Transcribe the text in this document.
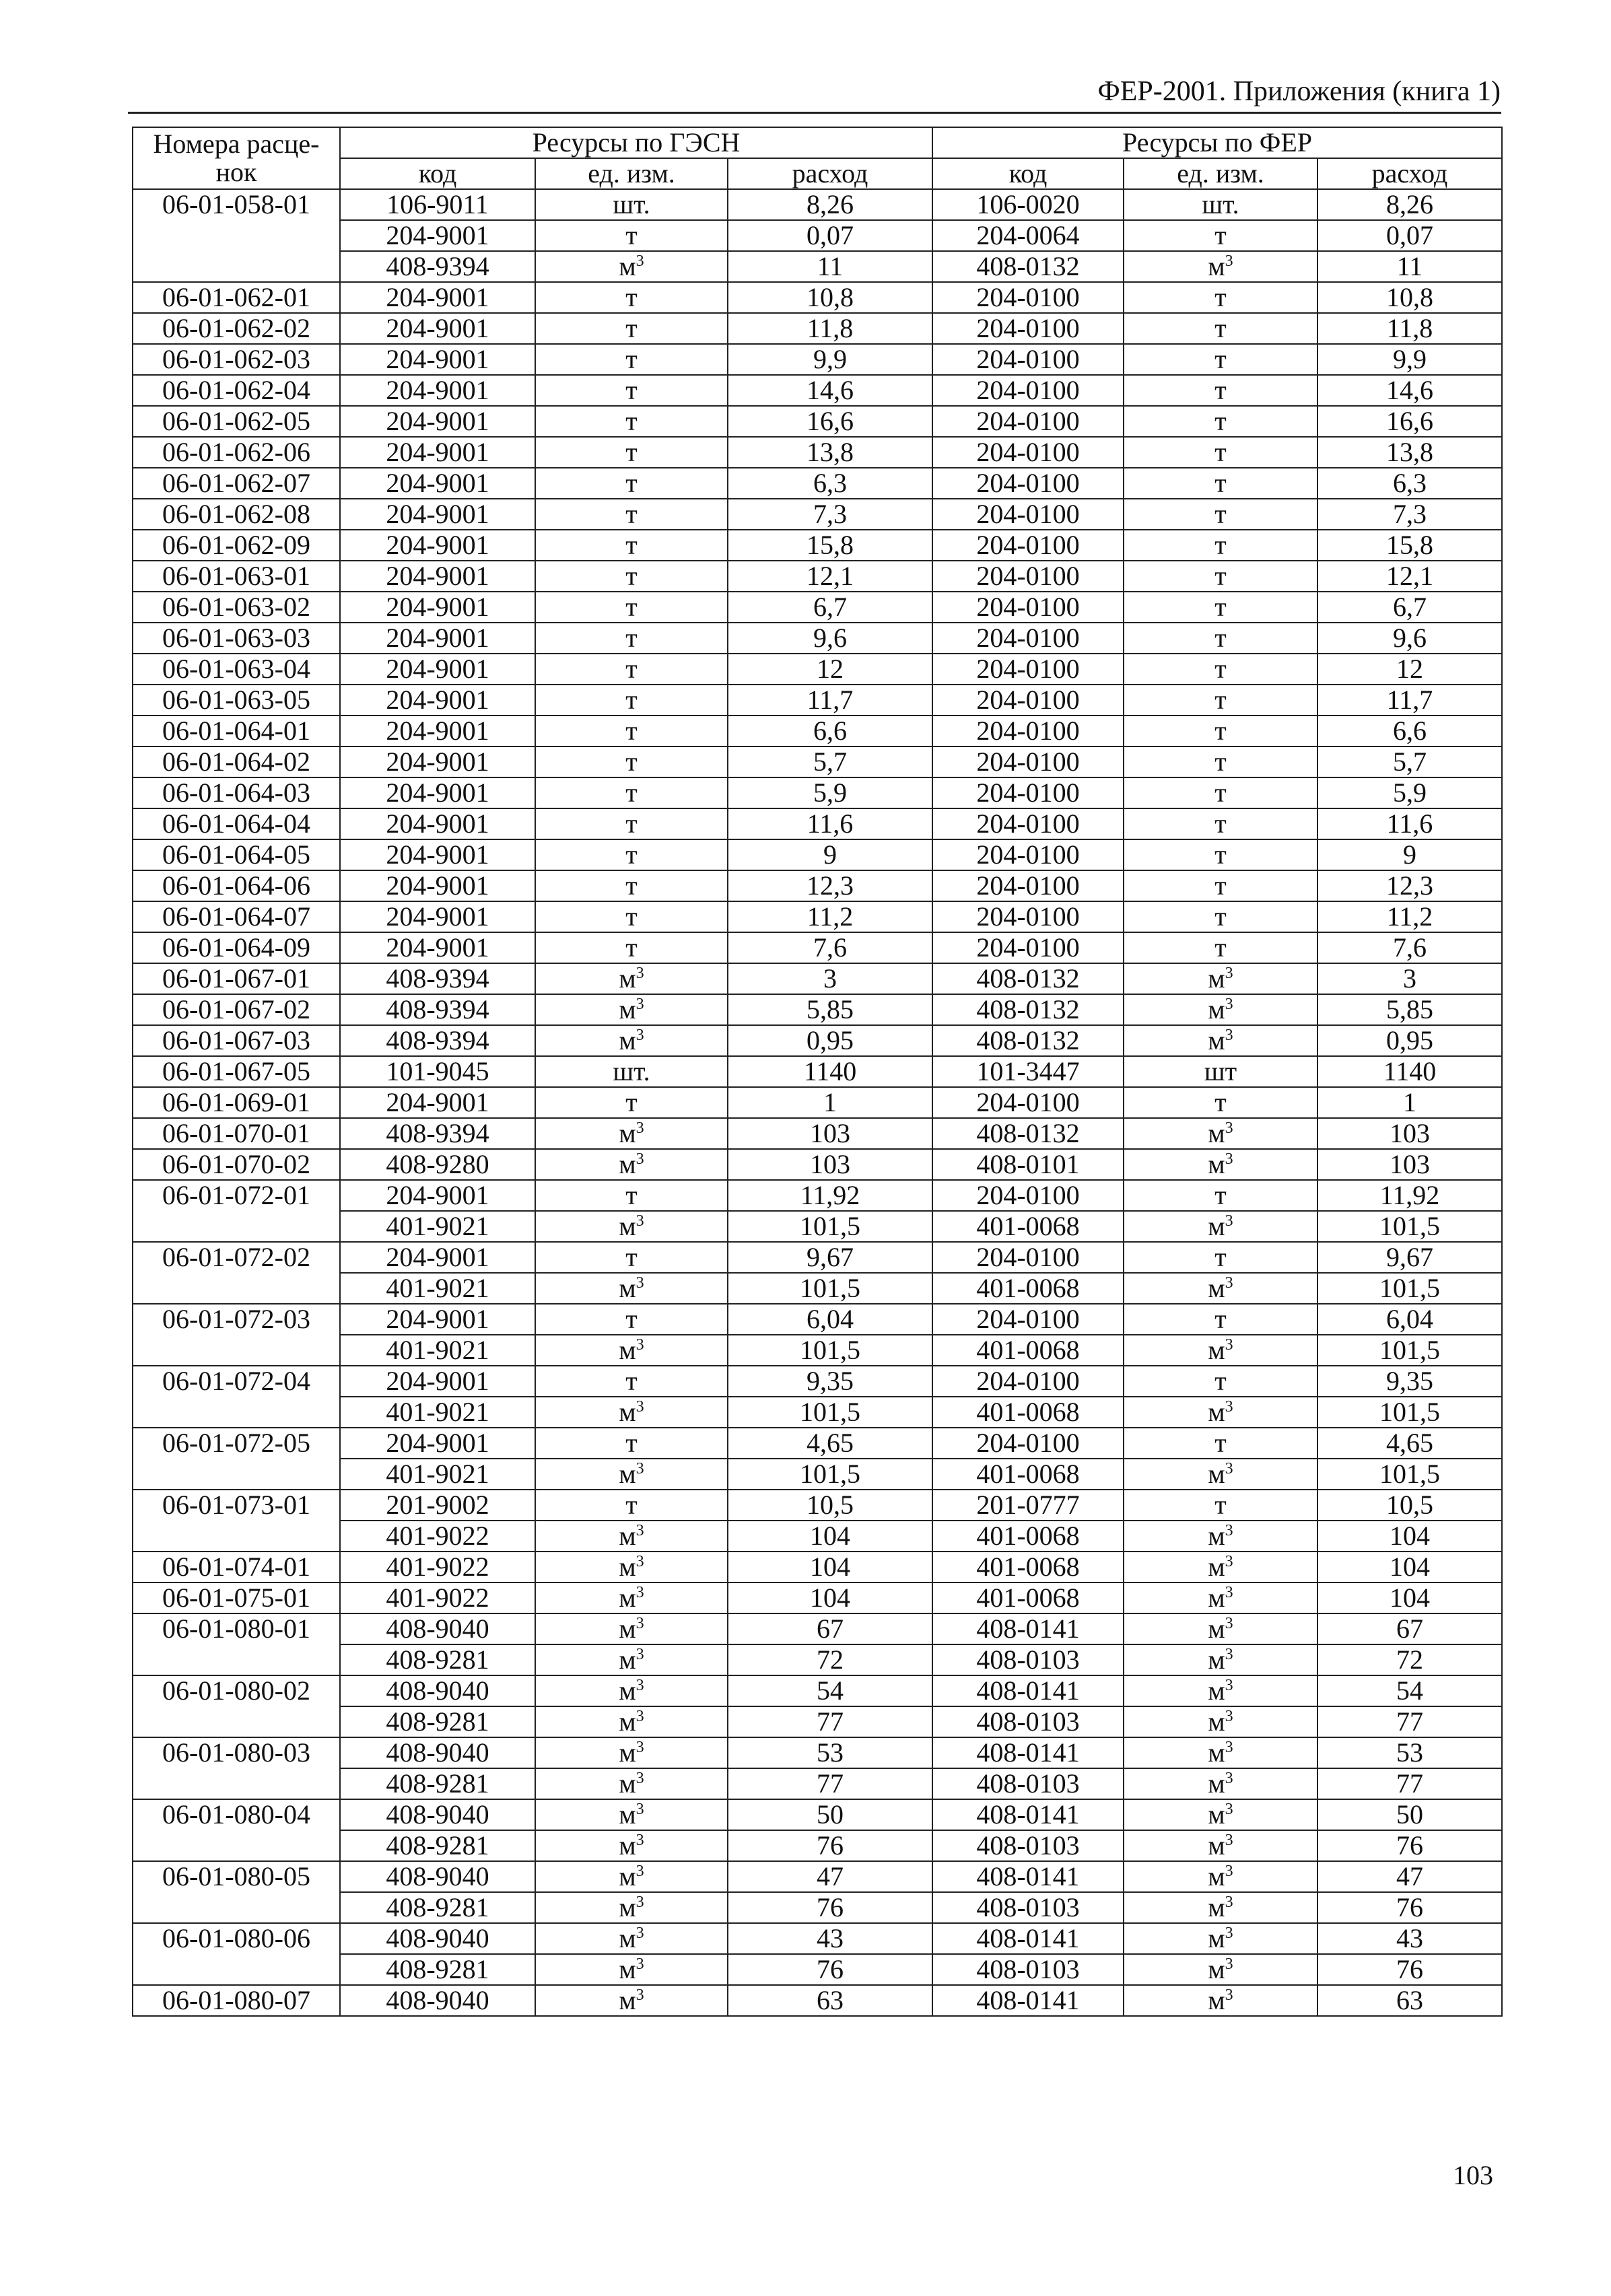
ФЕР-2001. Приложения (книга 1)
Номера расце-нок	Ресурсы по ГЭСН			Ресурсы по ФЕР		
	код	ед. изм.	расход	код	ед. изм.	расход
06-01-058-01	106-9011	шт.	8,26	106-0020	шт.	8,26
	204-9001	т	0,07	204-0064	т	0,07
	408-9394	$м^3$	11	408-0132	$м^3$	11
06-01-062-01	204-9001	т	10,8	204-0100	т	10,8
06-01-062-02	204-9001	т	11,8	204-0100	т	11,8
06-01-062-03	204-9001	т	9,9	204-0100	т	9,9
06-01-062-04	204-9001	т	14,6	204-0100	т	14,6
06-01-062-05	204-9001	т	16,6	204-0100	т	16,6
06-01-062-06	204-9001	т	13,8	204-0100	т	13,8
06-01-062-07	204-9001	т	6,3	204-0100	т	6,3
06-01-062-08	204-9001	т	7,3	204-0100	т	7,3
06-01-062-09	204-9001	т	15,8	204-0100	т	15,8
06-01-063-01	204-9001	т	12,1	204-0100	т	12,1
06-01-063-02	204-9001	т	6,7	204-0100	т	6,7
06-01-063-03	204-9001	т	9,6	204-0100	т	9,6
06-01-063-04	204-9001	т	12	204-0100	т	12
06-01-063-05	204-9001	т	11,7	204-0100	т	11,7
06-01-064-01	204-9001	т	6,6	204-0100	т	6,6
06-01-064-02	204-9001	т	5,7	204-0100	т	5,7
06-01-064-03	204-9001	т	5,9	204-0100	т	5,9
06-01-064-04	204-9001	т	11,6	204-0100	т	11,6
06-01-064-05	204-9001	т	9	204-0100	т	9
06-01-064-06	204-9001	т	12,3	204-0100	т	12,3
06-01-064-07	204-9001	т	11,2	204-0100	т	11,2
06-01-064-09	204-9001	т	7,6	204-0100	т	7,6
06-01-067-01	408-9394	$м^3$	3	408-0132	$м^3$	3
06-01-067-02	408-9394	$м^3$	5,85	408-0132	$м^3$	5,85
06-01-067-03	408-9394	$м^3$	0,95	408-0132	$м^3$	0,95
06-01-067-05	101-9045	шт.	1140	101-3447	шт	1140
06-01-069-01	204-9001	т	1	204-0100	т	1
06-01-070-01	408-9394	$м^3$	103	408-0132	$м^3$	103
06-01-070-02	408-9280	$м^3$	103	408-0101	$м^3$	103
06-01-072-01	204-9001	т	11,92	204-0100	т	11,92
	401-9021	$м^3$	101,5	401-0068	$м^3$	101,5
06-01-072-02	204-9001	т	9,67	204-0100	т	9,67
	401-9021	$м^3$	101,5	401-0068	$м^3$	101,5
06-01-072-03	204-9001	т	6,04	204-0100	т	6,04
	401-9021	$м^3$	101,5	401-0068	$м^3$	101,5
06-01-072-04	204-9001	т	9,35	204-0100	т	9,35
	401-9021	$м^3$	101,5	401-0068	$м^3$	101,5
06-01-072-05	204-9001	т	4,65	204-0100	т	4,65
	401-9021	$м^3$	101,5	401-0068	$м^3$	101,5
06-01-073-01	201-9002	т	10,5	201-0777	т	10,5
	401-9022	$м^3$	104	401-0068	$м^3$	104
06-01-074-01	401-9022	$м^3$	104	401-0068	$м^3$	104
06-01-075-01	401-9022	$м^3$	104	401-0068	$м^3$	104
06-01-080-01	408-9040	$м^3$	67	408-0141	$м^3$	67
	408-9281	$м^3$	72	408-0103	$м^3$	72
06-01-080-02	408-9040	$м^3$	54	408-0141	$м^3$	54
	408-9281	$м^3$	77	408-0103	$м^3$	77
06-01-080-03	408-9040	$м^3$	53	408-0141	$м^3$	53
	408-9281	$м^3$	77	408-0103	$м^3$	77
06-01-080-04	408-9040	$м^3$	50	408-0141	$м^3$	50
	408-9281	$м^3$	76	408-0103	$м^3$	76
06-01-080-05	408-9040	$м^3$	47	408-0141	$м^3$	47
	408-9281	$м^3$	76	408-0103	$м^3$	76
06-01-080-06	408-9040	$м^3$	43	408-0141	$м^3$	43
	408-9281	$м^3$	76	408-0103	$м^3$	76
06-01-080-07	408-9040	$м^3$	63	408-0141	$м^3$	63
103
